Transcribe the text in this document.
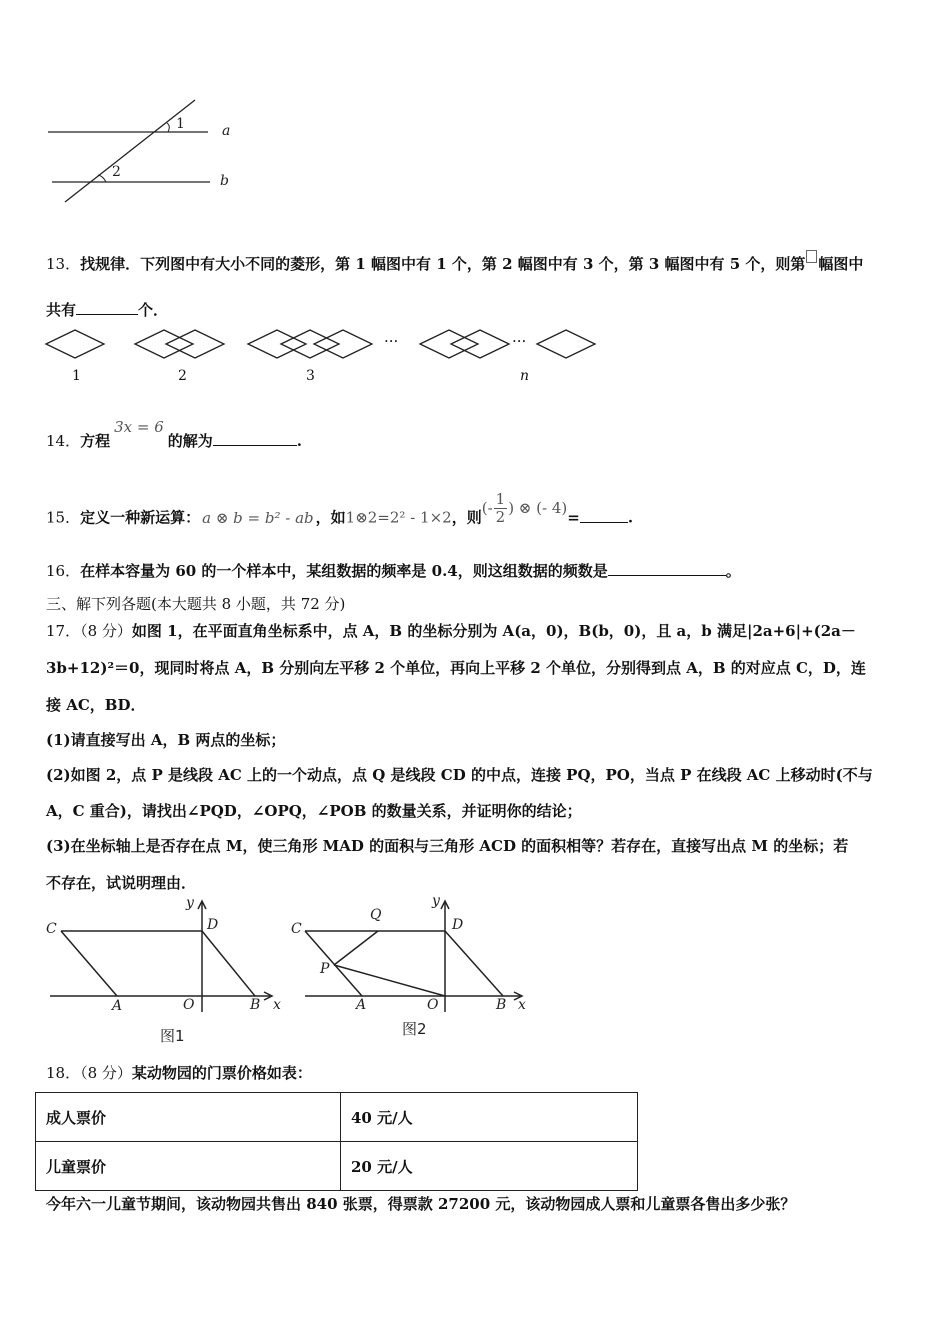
1
2
a
b
13．找规律．下列图中有大小不同的菱形，第 1 幅图中有 1 个，第 2 幅图中有 3 个，第 3 幅图中有 5 个，则第 幅图中
共有	个．
···	···
1	2	3	n
14．方程3x = 6的解为	.
15．定义一种新运算： a ⊗ b = b² - ab ，如1⊗2=2² - 1×2，则(- $\frac{1}{2}$ ) ⊗ (- 4)=	.
16．在样本容量为 60 的一个样本中，某组数据的频率是 0.4，则这组数据的频数是	。
三、解下列各题(本大题共 8 小题，共 72 分)
17．（8 分）如图 1，在平面直角坐标系中，点 A，B 的坐标分别为 A(a，0)，B(b，0)，且 a，b 满足|2a+6|+(2a－
3b+12)²＝0，现同时将点 A，B 分别向左平移 2 个单位，再向上平移 2 个单位，分别得到点 A，B 的对应点 C，D，连
接 AC，BD．
(1)请直接写出 A，B 两点的坐标；
(2)如图 2，点 P 是线段 AC 上的一个动点，点 Q 是线段 CD 的中点，连接 PQ，PO，当点 P 在线段 AC 上移动时(不与
A，C 重合)，请找出∠PQD，∠OPQ，∠POB 的数量关系，并证明你的结论；
(3)在坐标轴上是否存在点 M，使三角形 MAD 的面积与三角形 ACD 的面积相等？若存在，直接写出点 M 的坐标；若
不存在，试说明理由．
C	D
A	O	B x
y
图1
C	D
Q
P
A	O	B x
y
图2
18．（8 分）某动物园的门票价格如表：
成人票价	40 元/人
儿童票价	20 元/人
今年六一儿童节期间，该动物园共售出 840 张票，得票款 27200 元，该动物园成人票和儿童票各售出多少张？
